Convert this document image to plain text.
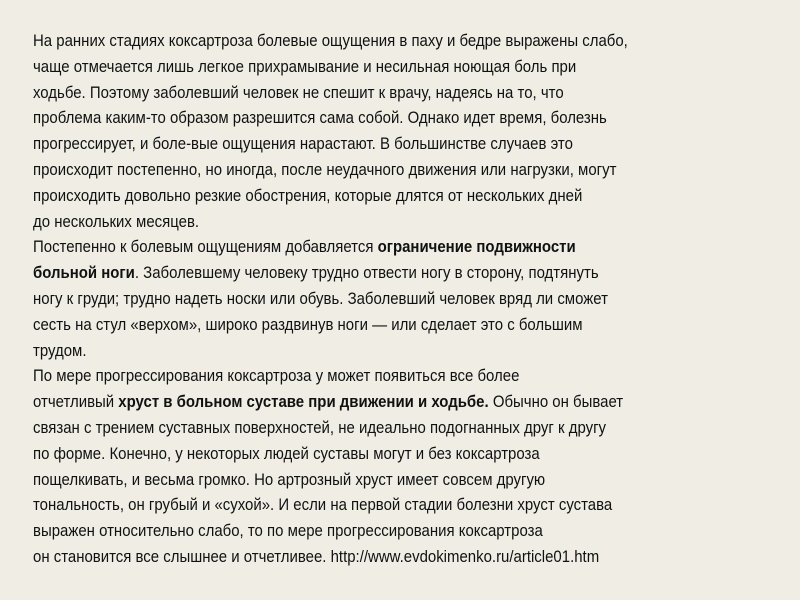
На ранних стадиях коксартроза болевые ощущения в паху и бедре выражены слабо,
чаще отмечается лишь легкое прихрамывание и несильная ноющая боль при
ходьбе. Поэтому заболевший человек не спешит к врачу, надеясь на то, что
проблема каким-то образом разрешится сама собой. Однако идет время, болезнь
прогрессирует, и боле-вые ощущения нарастают. В большинстве случаев это
происходит постепенно, но иногда, после неудачного движения или нагрузки, могут
происходить довольно резкие обострения, которые длятся от нескольких дней
до нескольких месяцев.
Постепенно к болевым ощущениям добавляется ограничение подвижности
больной ноги. Заболевшему человеку трудно отвести ногу в сторону, подтянуть
ногу к груди; трудно надеть носки или обувь. Заболевший человек вряд ли сможет
сесть на стул «верхом», широко раздвинув ноги — или сделает это с большим
трудом.
По мере прогрессирования коксартроза у может появиться все более
отчетливый хруст в больном суставе при движении и ходьбе. Обычно он бывает
связан с трением суставных поверхностей, не идеально подогнанных друг к другу
по форме. Конечно, у некоторых людей суставы могут и без коксартроза
пощелкивать, и весьма громко. Но артрозный хруст имеет совсем другую
тональность, он грубый и «сухой». И если на первой стадии болезни хруст сустава
выражен относительно слабо, то по мере прогрессирования коксартроза
он становится все слышнее и отчетливее. http://www.evdokimenko.ru/article01.htm
